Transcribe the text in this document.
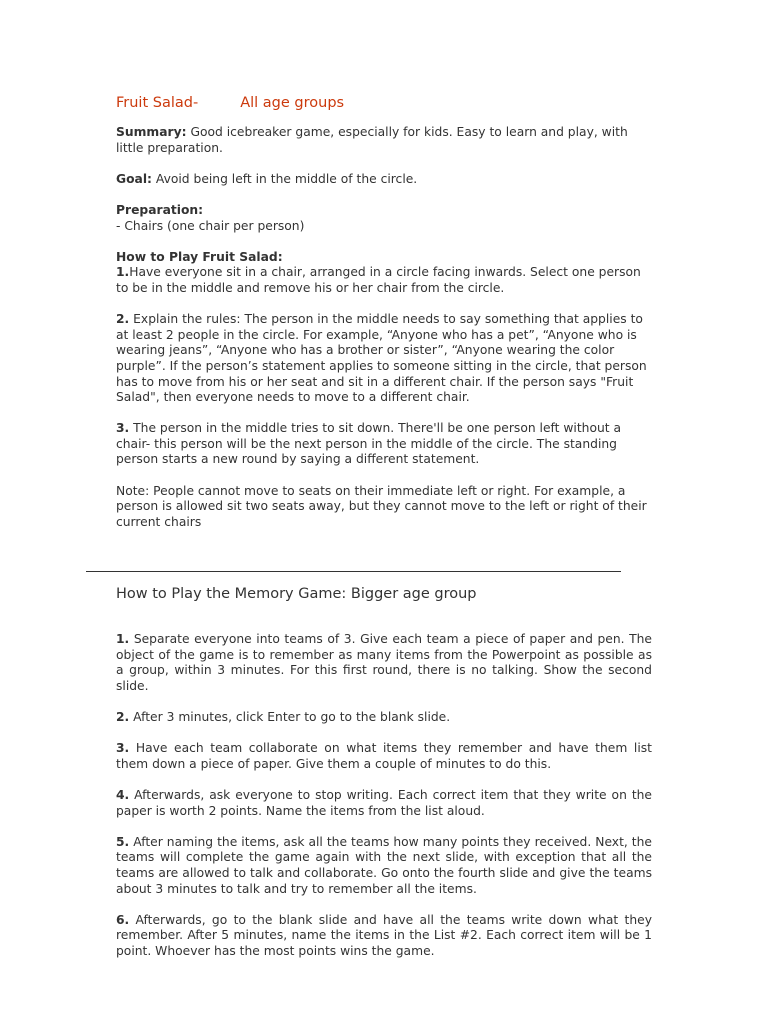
Fruit Salad-	All age groups

Summary: Good icebreaker game, especially for kids. Easy to learn and play, with little preparation.

Goal: Avoid being left in the middle of the circle.

Preparation:
- Chairs (one chair per person)

How to Play Fruit Salad:
1.Have everyone sit in a chair, arranged in a circle facing inwards. Select one person to be in the middle and remove his or her chair from the circle.

2. Explain the rules: The person in the middle needs to say something that applies to at least 2 people in the circle. For example, “Anyone who has a pet”, “Anyone who is wearing jeans”, “Anyone who has a brother or sister”, “Anyone wearing the color purple”. If the person’s statement applies to someone sitting in the circle, that person has to move from his or her seat and sit in a different chair. If the person says "Fruit Salad", then everyone needs to move to a different chair.

3. The person in the middle tries to sit down. There'll be one person left without a chair- this person will be the next person in the middle of the circle. The standing person starts a new round by saying a different statement.

Note: People cannot move to seats on their immediate left or right. For example, a person is allowed sit two seats away, but they cannot move to the left or right of their current chairs

How to Play the Memory Game: Bigger age group

1. Separate everyone into teams of 3. Give each team a piece of paper and pen. The object of the game is to remember as many items from the Powerpoint as possible as a group, within 3 minutes. For this first round, there is no talking. Show the second slide.

2. After 3 minutes, click Enter to go to the blank slide.

3. Have each team collaborate on what items they remember and have them list them down a piece of paper. Give them a couple of minutes to do this.

4. Afterwards, ask everyone to stop writing. Each correct item that they write on the paper is worth 2 points. Name the items from the list aloud.

5. After naming the items, ask all the teams how many points they received. Next, the teams will complete the game again with the next slide, with exception that all the teams are allowed to talk and collaborate. Go onto the fourth slide and give the teams about 3 minutes to talk and try to remember all the items.

6. Afterwards, go to the blank slide and have all the teams write down what they remember. After 5 minutes, name the items in the List #2. Each correct item will be 1 point. Whoever has the most points wins the game.
